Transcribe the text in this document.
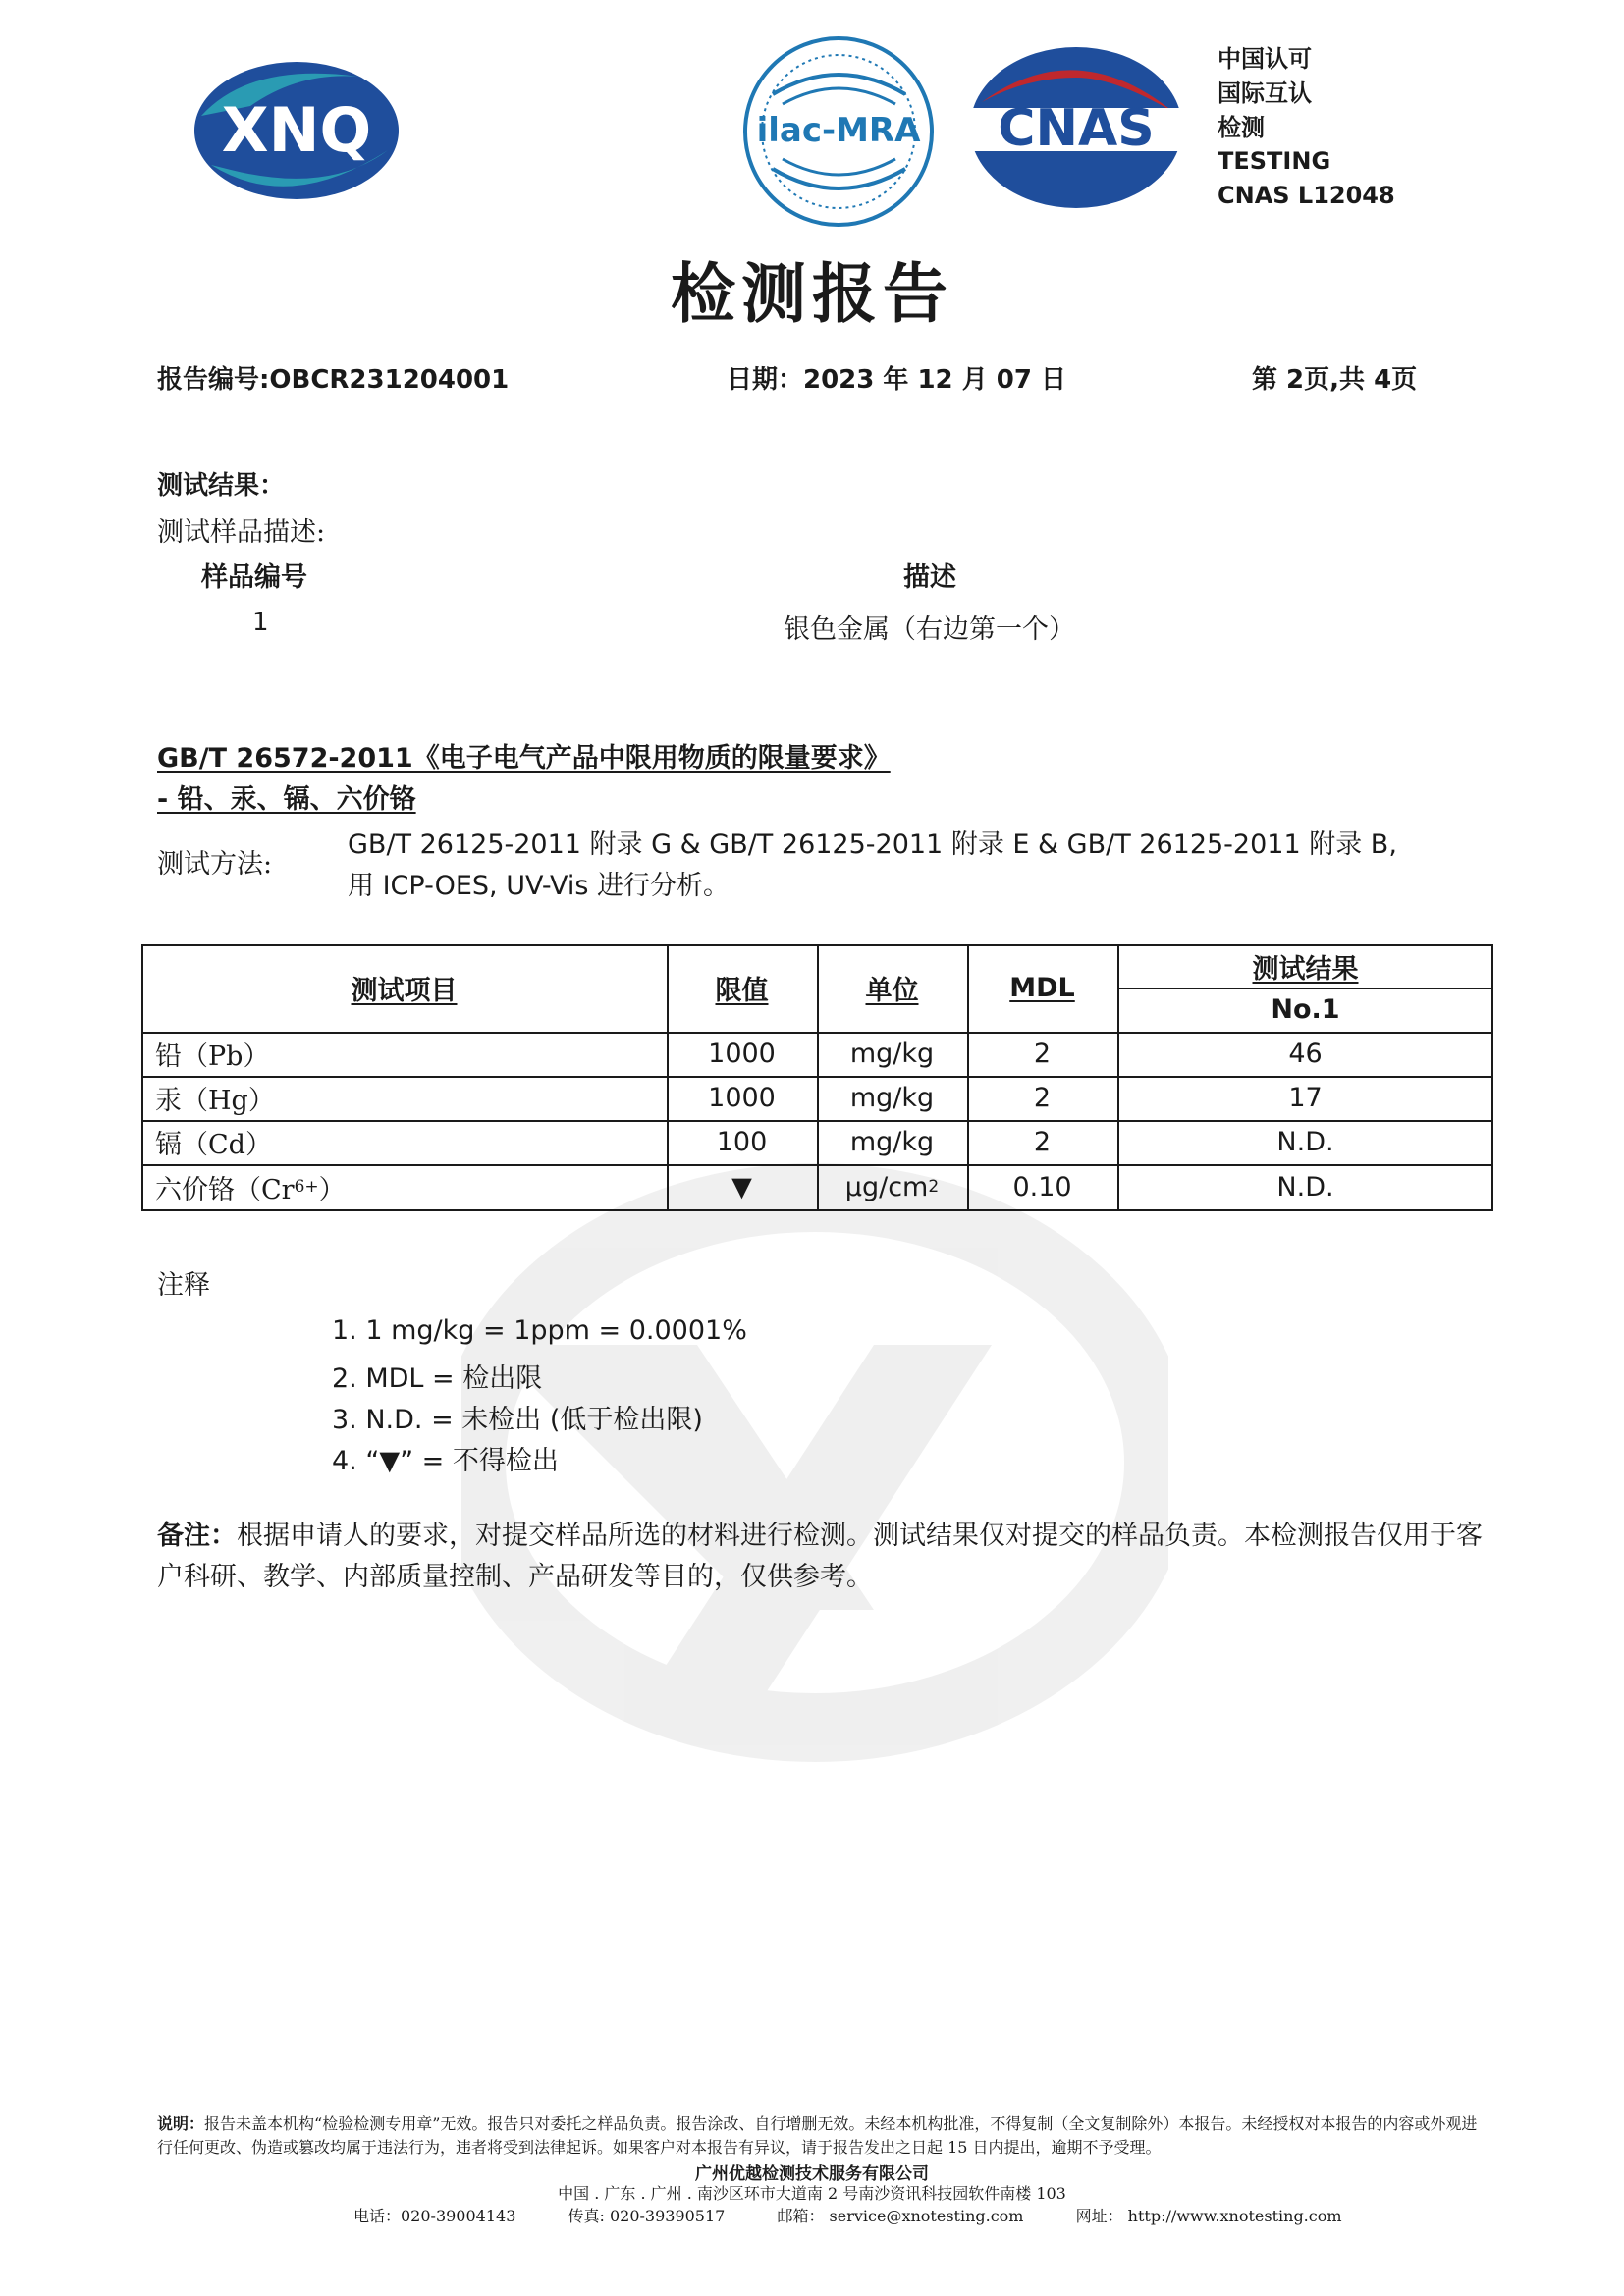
XNQ	ilac-MRA CNAS
中国认可
国际互认
检测
TESTING
CNAS L12048
检测报告
报告编号:OBCR231204001	日期：2023 年 12 月 07 日	第 2页,共 4页
测试结果：
测试样品描述:
样品编号	描述
1	银色金属（右边第一个）
GB/T 26572-2011《电子电气产品中限用物质的限量要求》
- 铅、汞、镉、六价铬
测试方法:
GB/T 26125-2011 附录 G & GB/T 26125-2011 附录 E & GB/T 26125-2011 附录 B,
用 ICP-OES, UV-Vis 进行分析。
测试项目	限值	单位	MDL
测试结果
No.1
铅（Pb）	1000	mg/kg	2	46
汞（Hg）	1000	mg/kg	2	17
镉（Cd）	100	mg/kg	2	N.D.
六价铬（Cr 6+ ）	▼	µg/cm 2	0.10	N.D.
注释
1. 1 mg/kg = 1ppm = 0.0001%
2. MDL = 检出限
3. N.D. = 未检出 (低于检出限)
4. “▼” = 不得检出
备注：根据申请人的要求，对提交样品所选的材料进行检测。测试结果仅对提交的样品负责。本检测报告仅用于客户科研、教学、内部质量控制、产品研发等目的，仅供参考。
说明：报告未盖本机构“检验检测专用章”无效。报告只对委托之样品负责。报告涂改、自行增删无效。未经本机构批准，不得复制（全文复制除外）本报告。未经授权对本报告的内容或外观进行任何更改、伪造或篡改均属于违法行为，违者将受到法律起诉。如果客户对本报告有异议，请于报告发出之日起 15 日内提出，逾期不予受理。
广州优越检测技术服务有限公司
中国 . 广东 . 广州 . 南沙区环市大道南 2 号南沙资讯科技园软件南楼 103
电话：020-39004143	传真: 020-39390517	邮箱： service@xnotesting.com	网址： http://www.xnotesting.com
